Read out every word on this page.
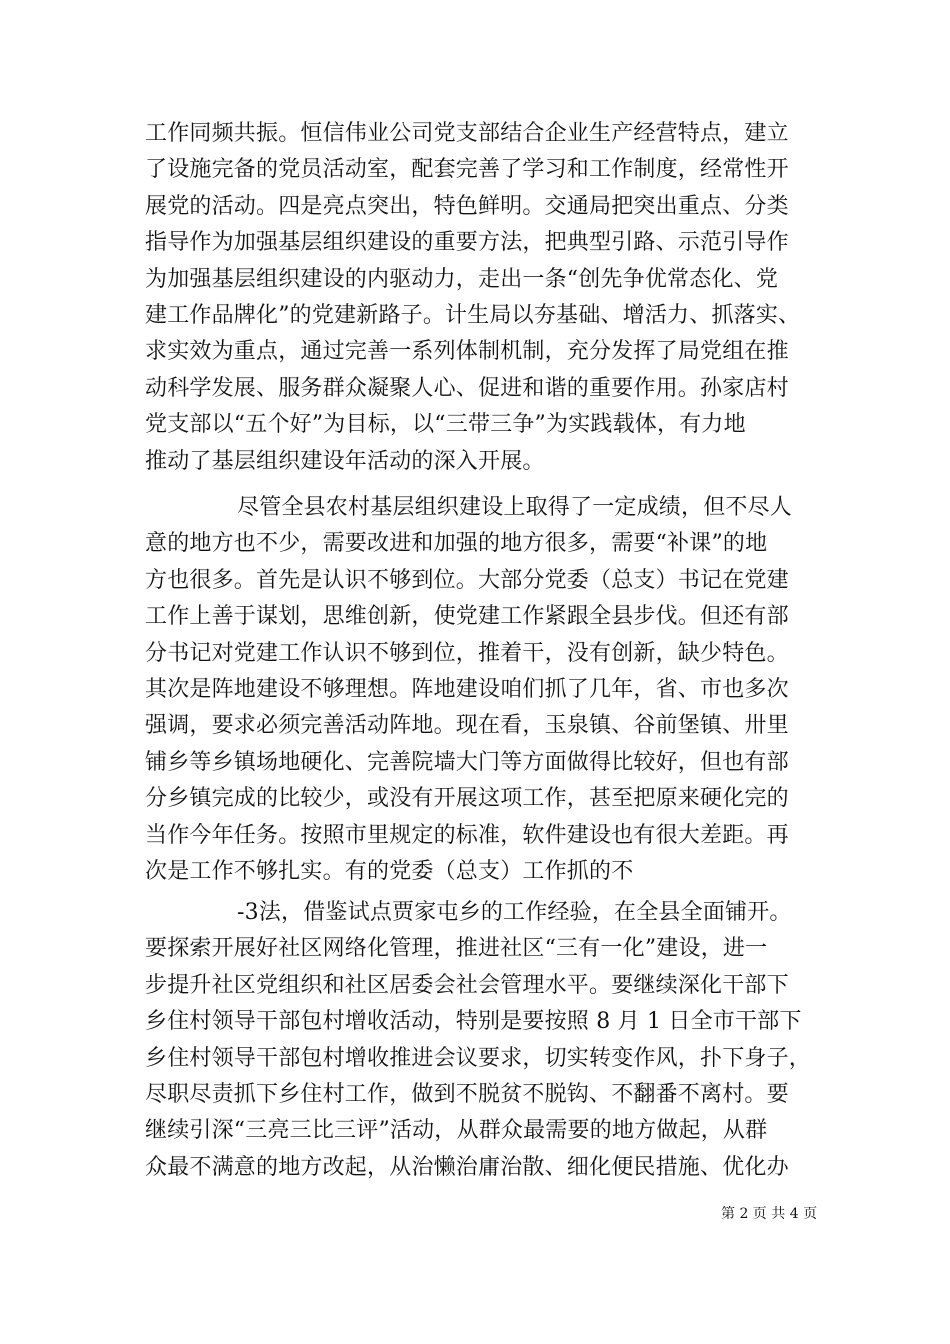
工作同频共振。恒信伟业公司党支部结合企业生产经营特点，建立
了设施完备的党员活动室，配套完善了学习和工作制度，经常性开
展党的活动。四是亮点突出，特色鲜明。交通局把突出重点、分类
指导作为加强基层组织建设的重要方法，把典型引路、示范引导作
为加强基层组织建设的内驱动力，走出一条“创先争优常态化、党
建工作品牌化”的党建新路子。计生局以夯基础、增活力、抓落实、
求实效为重点，通过完善一系列体制机制，充分发挥了局党组在推
动科学发展、服务群众凝聚人心、促进和谐的重要作用。孙家店村
党支部以“五个好”为目标，以“三带三争”为实践载体，有力地
推动了基层组织建设年活动的深入开展。
尽管全县农村基层组织建设上取得了一定成绩，但不尽人
意的地方也不少，需要改进和加强的地方很多，需要“补课”的地
方也很多。首先是认识不够到位。大部分党委（总支）书记在党建
工作上善于谋划，思维创新，使党建工作紧跟全县步伐。但还有部
分书记对党建工作认识不够到位，推着干，没有创新，缺少特色。
其次是阵地建设不够理想。阵地建设咱们抓了几年，省、市也多次
强调，要求必须完善活动阵地。现在看，玉泉镇、谷前堡镇、卅里
铺乡等乡镇场地硬化、完善院墙大门等方面做得比较好，但也有部
分乡镇完成的比较少，或没有开展这项工作，甚至把原来硬化完的
当作今年任务。按照市里规定的标准，软件建设也有很大差距。再
次是工作不够扎实。有的党委（总支）工作抓的不
-3法，借鉴试点贾家屯乡的工作经验，在全县全面铺开。
要探索开展好社区网络化管理，推进社区“三有一化”建设，进一
步提升社区党组织和社区居委会社会管理水平。要继续深化干部下
乡住村领导干部包村增收活动，特别是要按照 8 月 1 日全市干部下
乡住村领导干部包村增收推进会议要求，切实转变作风，扑下身子，
尽职尽责抓下乡住村工作，做到不脱贫不脱钩、不翻番不离村。要
继续引深“三亮三比三评”活动，从群众最需要的地方做起，从群
众最不满意的地方改起，从治懒治庸治散、细化便民措施、优化办
第 2 页 共 4 页
